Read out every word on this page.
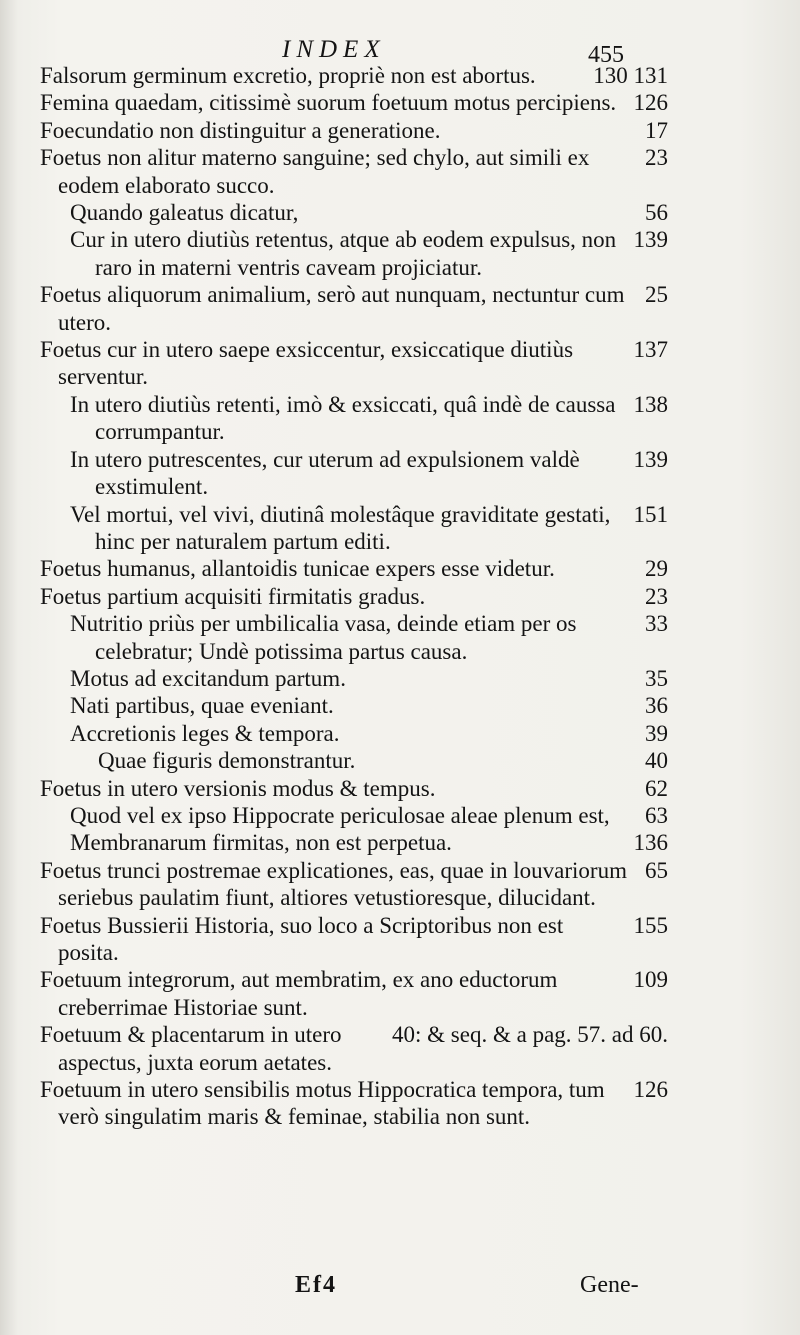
INDEX	455
130 131
Falsorum germinum excretio, propriè non est abortus.
126
Femina quaedam, citissimè suorum foetuum motus percipiens.
17
Foecundatio non distinguitur a generatione.
23
Foetus non alitur materno sanguine; sed chylo, aut simili ex eodem elaborato succo.
56
Quando galeatus dicatur,
139
Cur in utero diutiùs retentus, atque ab eodem expulsus, non raro in materni ventris caveam projiciatur.
25
Foetus aliquorum animalium, serò aut nunquam, nectuntur cum utero.
137
Foetus cur in utero saepe exsiccentur, exsiccatique diutiùs serventur.
138
In utero diutiùs retenti, imò & exsiccati, quâ indè de caussa corrumpantur.
139
In utero putrescentes, cur uterum ad expulsionem valdè exstimulent.
151
Vel mortui, vel vivi, diutinâ molestâque graviditate gestati, hinc per naturalem partum editi.
29
Foetus humanus, allantoidis tunicae expers esse videtur.
23
Foetus partium acquisiti firmitatis gradus.
33
Nutritio priùs per umbilicalia vasa, deinde etiam per os celebratur; Undè potissima partus causa.
35
Motus ad excitandum partum.
36
Nati partibus, quae eveniant.
39
Accretionis leges & tempora.
40
Quae figuris demonstrantur.
62
Foetus in utero versionis modus & tempus.
63
Quod vel ex ipso Hippocrate periculosae aleae plenum est,
136
Membranarum firmitas, non est perpetua.
65
Foetus trunci postremae explicationes, eas, quae in louvariorum seriebus paulatim fiunt, altiores vetustioresque, dilucidant.
155
Foetus Bussierii Historia, suo loco a Scriptoribus non est posita.
109
Foetuum integrorum, aut membratim, ex ano eductorum creberrimae Historiae sunt.
40: & seq. & a pag. 57. ad 60.
Foetuum & placentarum in utero aspectus, juxta eorum aetates.
126
Foetuum in utero sensibilis motus Hippocratica tempora, tum verò singulatim maris & feminae, stabilia non sunt.
Ef4	Gene-
